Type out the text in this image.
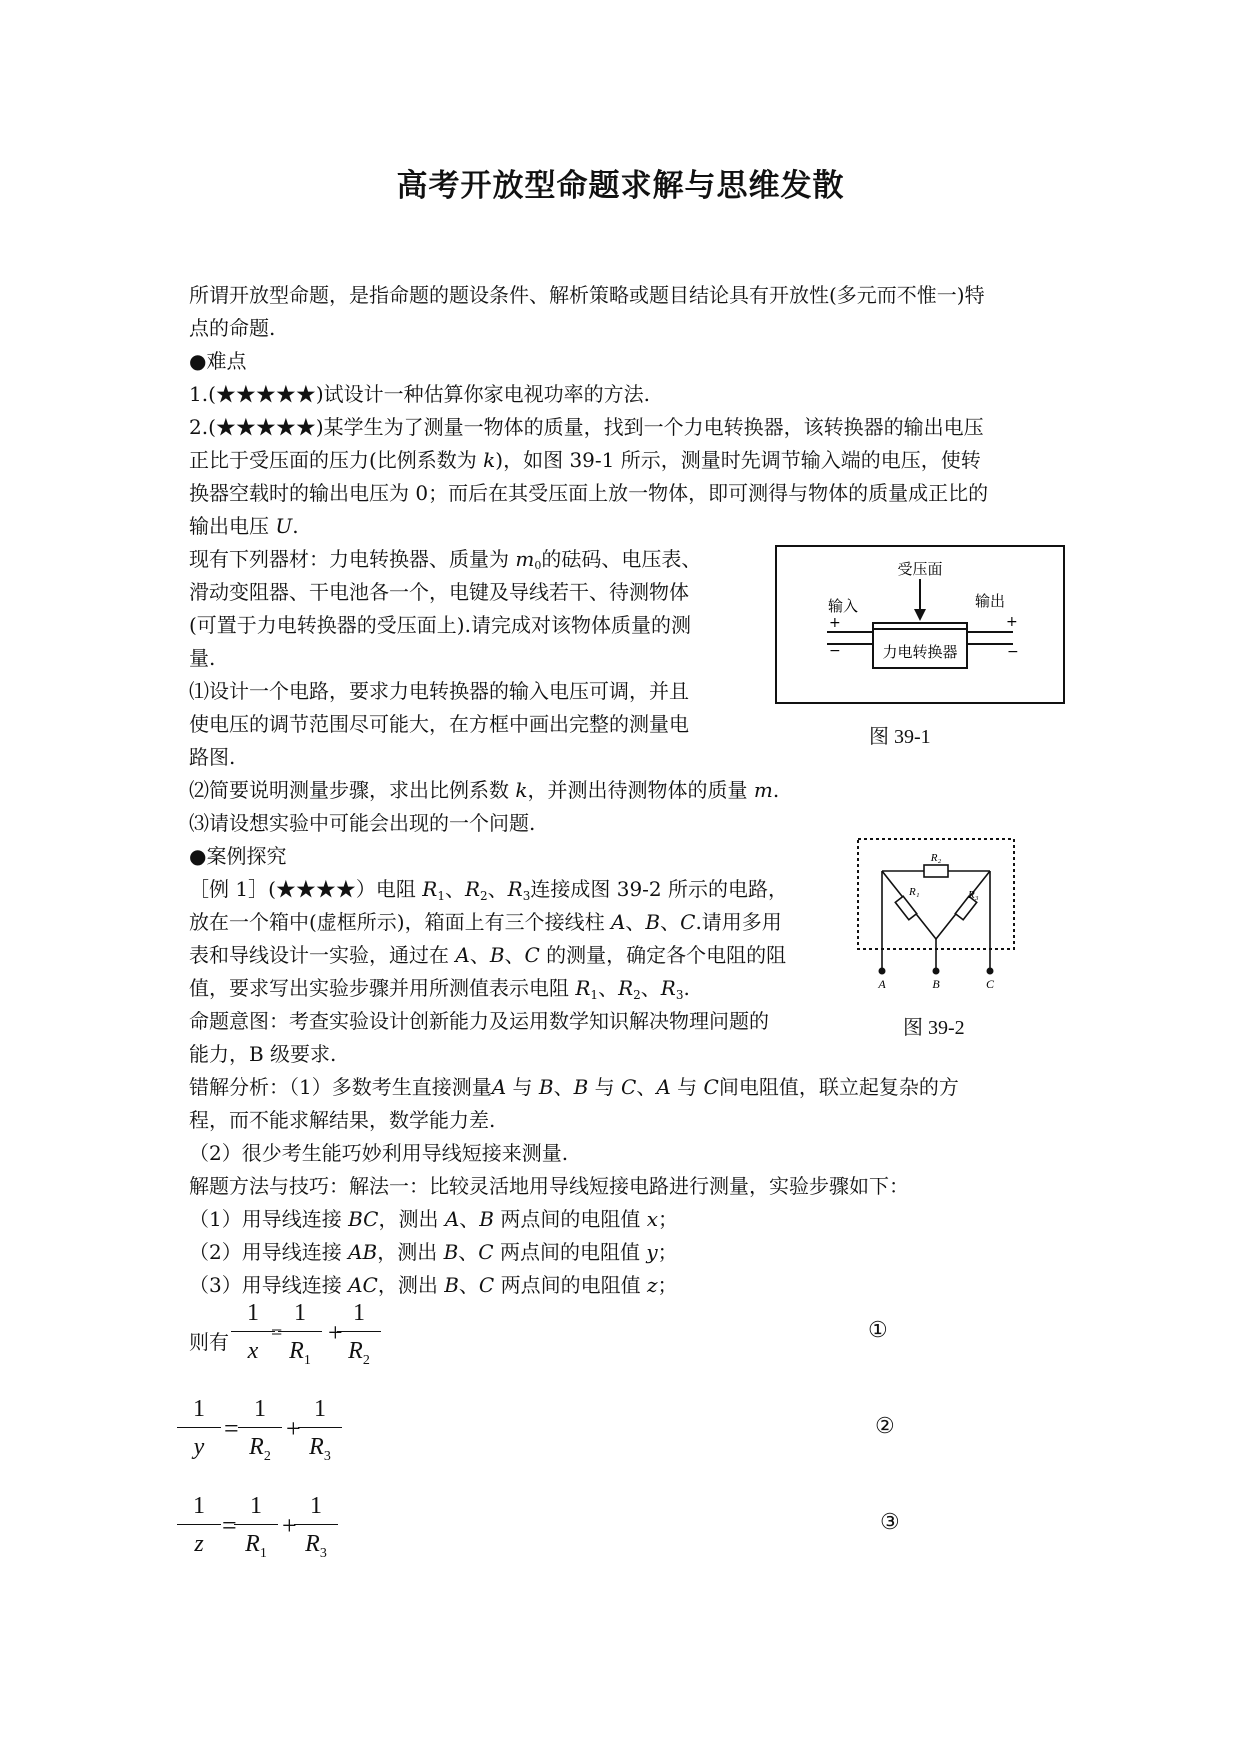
高考开放型命题求解与思维发散
所谓开放型命题，是指命题的题设条件、解析策略或题目结论具有开放性(多元而不惟一)特
点的命题.
●难点
1.(★★★★★)试设计一种估算你家电视功率的方法.
2.(★★★★★)某学生为了测量一物体的质量，找到一个力电转换器，该转换器的输出电压
正比于受压面的压力(比例系数为 k)，如图 39-1 所示，测量时先调节输入端的电压，使转
换器空载时的输出电压为 0；而后在其受压面上放一物体，即可测得与物体的质量成正比的
输出电压 U.
现有下列器材：力电转换器、质量为 m0的砝码、电压表、
滑动变阻器、干电池各一个，电键及导线若干、待测物体
(可置于力电转换器的受压面上).请完成对该物体质量的测
量.
⑴设计一个电路，要求力电转换器的输入电压可调，并且
使电压的调节范围尽可能大，在方框中画出完整的测量电
路图.
⑵简要说明测量步骤，求出比例系数 k，并测出待测物体的质量 m.
⑶请设想实验中可能会出现的一个问题.
受压面
输入	输出
+	+
−	−
力电转换器
图 39-1
●案例探究
［例 1］(★★★★）电阻 $R_1$、$R_2$、$R_3$连接成图 39-2 所示的电路，
放在一个箱中(虚框所示)，箱面上有三个接线柱 A、B、C.请用多用
表和导线设计一实验，通过在 A、B、C 的测量，确定各个电阻的阻
值，要求写出实验步骤并用所测值表示电阻 $R_1$、$R_2$、$R_3$.
命题意图：考查实验设计创新能力及运用数学知识解决物理问题的
能力，B 级要求.
R₂
R₁	R₃
A	B	C
图 39-2
错解分析：（1）多数考生直接测量A 与 B、B 与 C、A 与 C间电阻值，联立起复杂的方
程，而不能求解结果，数学能力差.
（2）很少考生能巧妙利用导线短接来测量.
解题方法与技巧：解法一：比较灵活地用导线短接电路进行测量，实验步骤如下：
（1）用导线连接 BC，测出 A、B 两点间的电阻值 x；
（2）用导线连接 AB，测出 B、C 两点间的电阻值 y；
（3）用导线连接 AC，测出 B、C 两点间的电阻值 z；
则有 $\frac{1}{x}$
=
$\frac{1}{R_1}$ +
$\frac{1}{R_2}$	①
$\frac{1}{y} = \frac{1}{R_2}$ +
$\frac{1}{R_3}$	②
$\frac{1}{z}$ =
$\frac{1}{R_1}$ +
$\frac{1}{R_3}$	③
